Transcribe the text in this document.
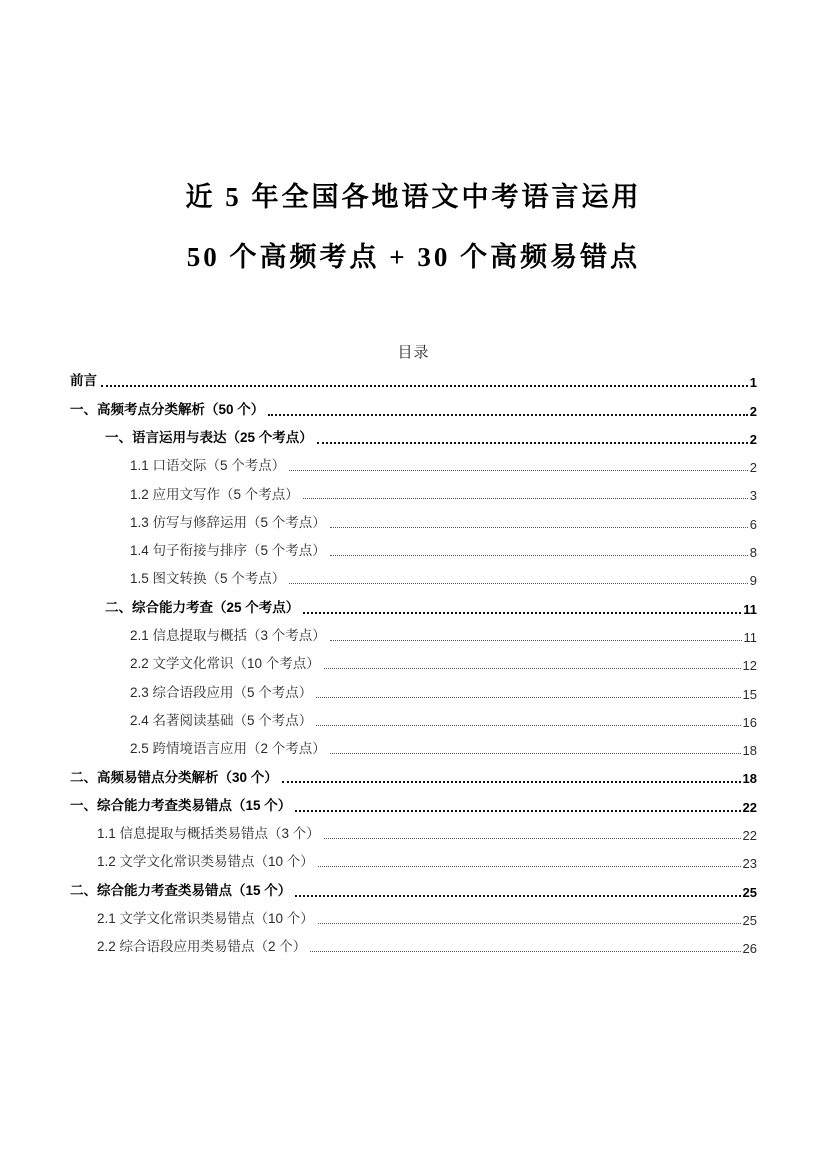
近 5 年全国各地语文中考语言运用
50 个高频考点 + 30 个高频易错点
目录
前言	1
一、高频考点分类解析（50 个）	2
一、语言运用与表达（25 个考点）	2
1.1 口语交际（5 个考点）	2
1.2 应用文写作（5 个考点）	3
1.3 仿写与修辞运用（5 个考点）	6
1.4 句子衔接与排序（5 个考点）	8
1.5 图文转换（5 个考点）	9
二、综合能力考查（25 个考点）	11
2.1 信息提取与概括（3 个考点）	11
2.2 文学文化常识（10 个考点）	12
2.3 综合语段应用（5 个考点）	15
2.4 名著阅读基础（5 个考点）	16
2.5 跨情境语言应用（2 个考点）	18
二、高频易错点分类解析（30 个）	18
一、综合能力考查类易错点（15 个）	22
1.1 信息提取与概括类易错点（3 个）	22
1.2 文学文化常识类易错点（10 个）	23
二、综合能力考查类易错点（15 个）	25
2.1 文学文化常识类易错点（10 个）	25
2.2 综合语段应用类易错点（2 个）	26
